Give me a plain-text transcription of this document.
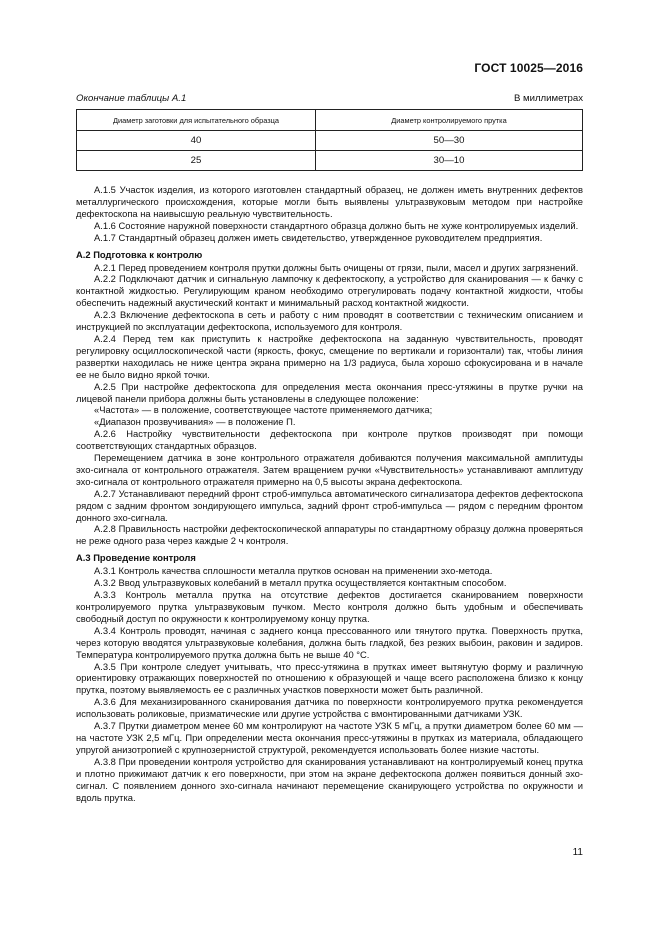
ГОСТ 10025—2016
Окончание таблицы А.1	В миллиметрах
Диаметр заготовки для испытательного образца	Диаметр контролируемого прутка
40	50—30
25	30—10

А.1.5 Участок изделия, из которого изготовлен стандартный образец, не должен иметь внутренних дефектов металлургического происхождения, которые могли быть выявлены ультразвуковым методом при настройке дефектоскопа на наивысшую реальную чувствительность.

А.1.6 Состояние наружной поверхности стандартного образца должно быть не хуже контролируемых изделий.

А.1.7 Стандартный образец должен иметь свидетельство, утвержденное руководителем предприятия.

А.2 Подготовка к контролю

А.2.1 Перед проведением контроля прутки должны быть очищены от грязи, пыли, масел и других загрязнений.

А.2.2 Подключают датчик и сигнальную лампочку к дефектоскопу, а устройство для сканирования — к бачку с контактной жидкостью. Регулирующим краном необходимо отрегулировать подачу контактной жидкости, чтобы обеспечить надежный акустический контакт и минимальный расход контактной жидкости.

А.2.3 Включение дефектоскопа в сеть и работу с ним проводят в соответствии с техническим описанием и инструкцией по эксплуатации дефектоскопа, используемого для контроля.

А.2.4 Перед тем как приступить к настройке дефектоскопа на заданную чувствительность, проводят регулировку осциллоскопической части (яркость, фокус, смещение по вертикали и горизонтали) так, чтобы линия развертки находилась не ниже центра экрана примерно на 1/3 радиуса, была хорошо сфокусирована и в начале ее не было видно яркой точки.

А.2.5 При настройке дефектоскопа для определения места окончания пресс-утяжины в прутке ручки на лицевой панели прибора должны быть установлены в следующее положение:

«Частота» — в положение, соответствующее частоте применяемого датчика;

«Диапазон прозвучивания» — в положение П.

А.2.6 Настройку чувствительности дефектоскопа при контроле прутков производят при помощи соответствующих стандартных образцов.

Перемещением датчика в зоне контрольного отражателя добиваются получения максимальной амплитуды эхо-сигнала от контрольного отражателя. Затем вращением ручки «Чувствительность» устанавливают амплитуду эхо-сигнала от контрольного отражателя примерно на 0,5 высоты экрана дефектоскопа.

А.2.7 Устанавливают передний фронт строб-импульса автоматического сигнализатора дефектов дефектоскопа рядом с задним фронтом зондирующего импульса, задний фронт строб-импульса — рядом с передним фронтом донного эхо-сигнала.

А.2.8 Правильность настройки дефектоскопической аппаратуры по стандартному образцу должна проверяться не реже одного раза через каждые 2 ч контроля.

А.3 Проведение контроля

А.3.1 Контроль качества сплошности металла прутков основан на применении эхо-метода.

А.3.2 Ввод ультразвуковых колебаний в металл прутка осуществляется контактным способом.

А.3.3 Контроль металла прутка на отсутствие дефектов достигается сканированием поверхности контролируемого прутка ультразвуковым пучком. Место контроля должно быть удобным и обеспечивать свободный доступ по окружности к контролируемому концу прутка.

А.3.4 Контроль проводят, начиная с заднего конца прессованного или тянутого прутка. Поверхность прутка, через которую вводятся ультразвуковые колебания, должна быть гладкой, без резких выбоин, раковин и задиров. Температура контролируемого прутка должна быть не выше 40 °С.

А.3.5 При контроле следует учитывать, что пресс-утяжина в прутках имеет вытянутую форму и различную ориентировку отражающих поверхностей по отношению к образующей и чаще всего расположена близко к концу прутка, поэтому выявляемость ее с различных участков поверхности может быть различной.

А.3.6 Для механизированного сканирования датчика по поверхности контролируемого прутка рекомендуется использовать роликовые, призматические или другие устройства с вмонтированными датчиками УЗК.

А.3.7 Прутки диаметром менее 60 мм контролируют на частоте УЗК 5 мГц, а прутки диаметром более 60 мм — на частоте УЗК 2,5 мГц. При определении места окончания пресс-утяжины в прутках из материала, обладающего упругой анизотропией с крупнозернистой структурой, рекомендуется использовать более низкие частоты.

А.3.8 При проведении контроля устройство для сканирования устанавливают на контролируемый конец прутка и плотно прижимают датчик к его поверхности, при этом на экране дефектоскопа должен появиться донный эхо-сигнал. С появлением донного эхо-сигнала начинают перемещение сканирующего устройства по окружности и вдоль прутка.

11
